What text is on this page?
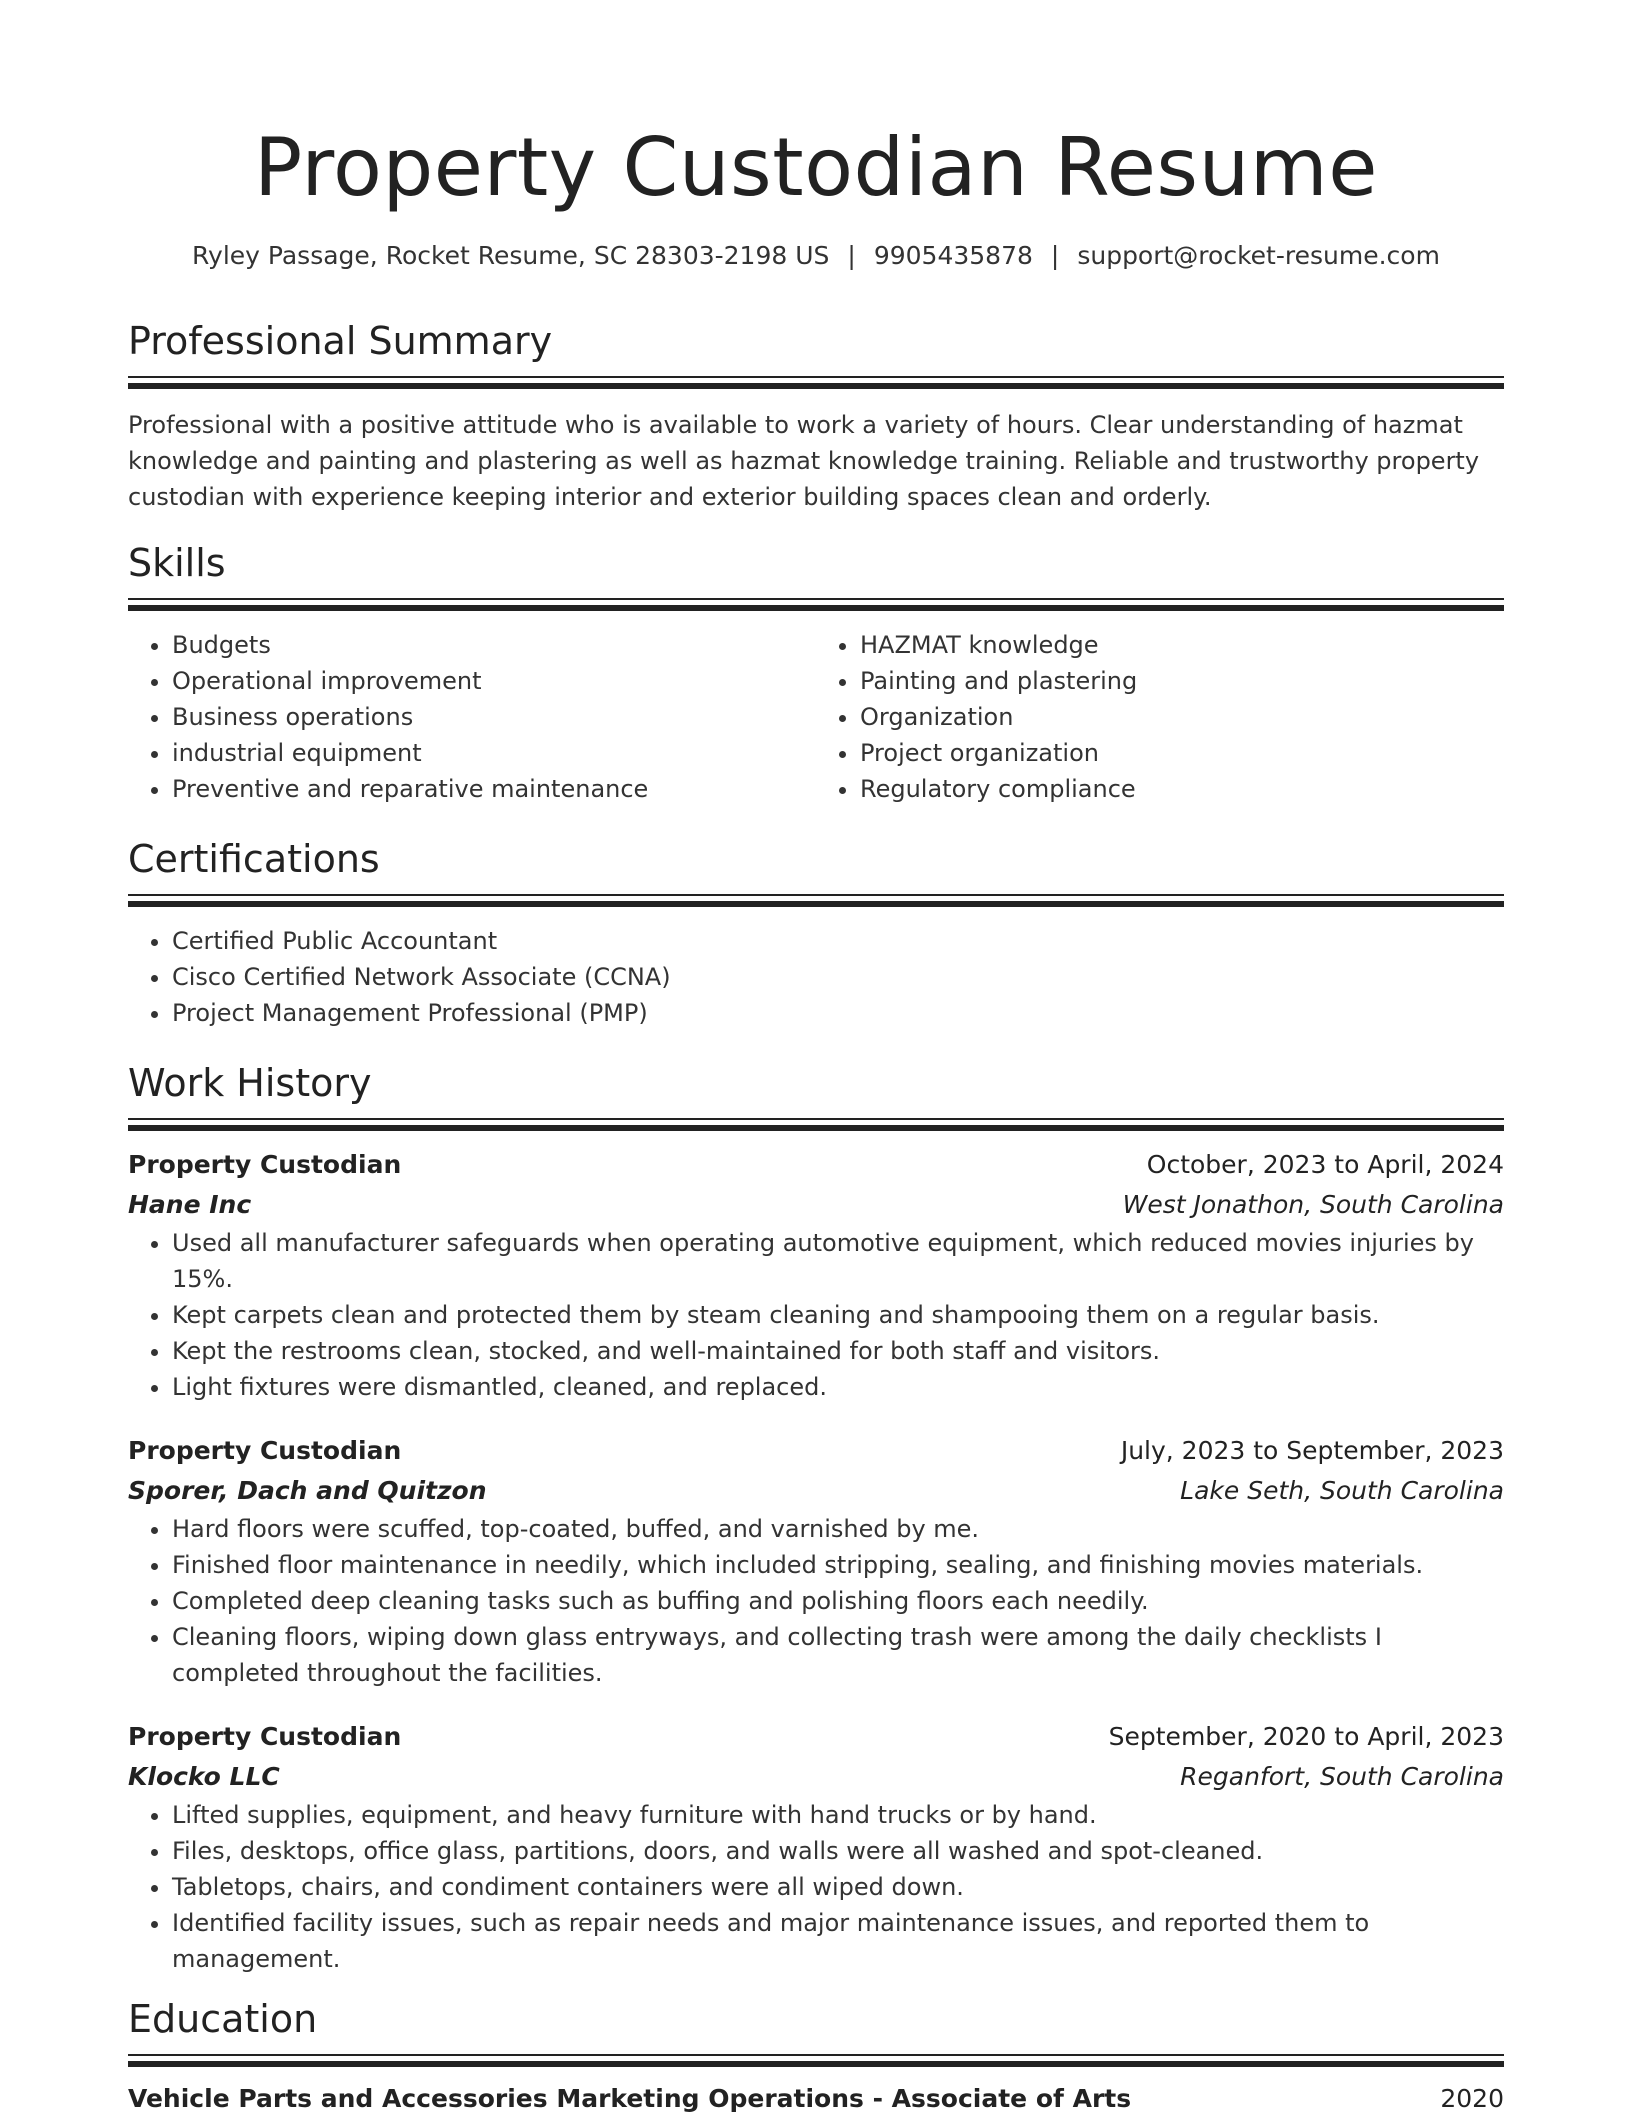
Property Custodian Resume
Ryley Passage, Rocket Resume, SC 28303-2198 US | 9905435878 | support@rocket-resume.com
Professional Summary

Professional with a positive attitude who is available to work a variety of hours. Clear understanding of hazmat knowledge and painting and plastering as well as hazmat knowledge training. Reliable and trustworthy property custodian with experience keeping interior and exterior building spaces clean and orderly.

Skills
• Budgets
• Operational improvement
• Business operations
• industrial equipment
• Preventive and reparative maintenance
• HAZMAT knowledge
• Painting and plastering
• Organization
• Project organization
• Regulatory compliance
Certifications
• Certified Public Accountant
• Cisco Certified Network Associate (CCNA)
• Project Management Professional (PMP)
Work History
Property Custodian	October, 2023 to April, 2024
Hane Inc	West Jonathon, South Carolina
• Used all manufacturer safeguards when operating automotive equipment, which reduced movies injuries by 15%.
• Kept carpets clean and protected them by steam cleaning and shampooing them on a regular basis.
• Kept the restrooms clean, stocked, and well-maintained for both staff and visitors.
• Light fixtures were dismantled, cleaned, and replaced.
Property Custodian	July, 2023 to September, 2023
Sporer, Dach and Quitzon	Lake Seth, South Carolina
• Hard floors were scuffed, top-coated, buffed, and varnished by me.
• Finished floor maintenance in needily, which included stripping, sealing, and finishing movies materials.
• Completed deep cleaning tasks such as buffing and polishing floors each needily.
• Cleaning floors, wiping down glass entryways, and collecting trash were among the daily checklists I completed throughout the facilities.
Property Custodian	September, 2020 to April, 2023
Klocko LLC	Reganfort, South Carolina
• Lifted supplies, equipment, and heavy furniture with hand trucks or by hand.
• Files, desktops, office glass, partitions, doors, and walls were all washed and spot-cleaned.
• Tabletops, chairs, and condiment containers were all wiped down.
• Identified facility issues, such as repair needs and major maintenance issues, and reported them to management.
Education
Vehicle Parts and Accessories Marketing Operations - Associate of Arts	2020
